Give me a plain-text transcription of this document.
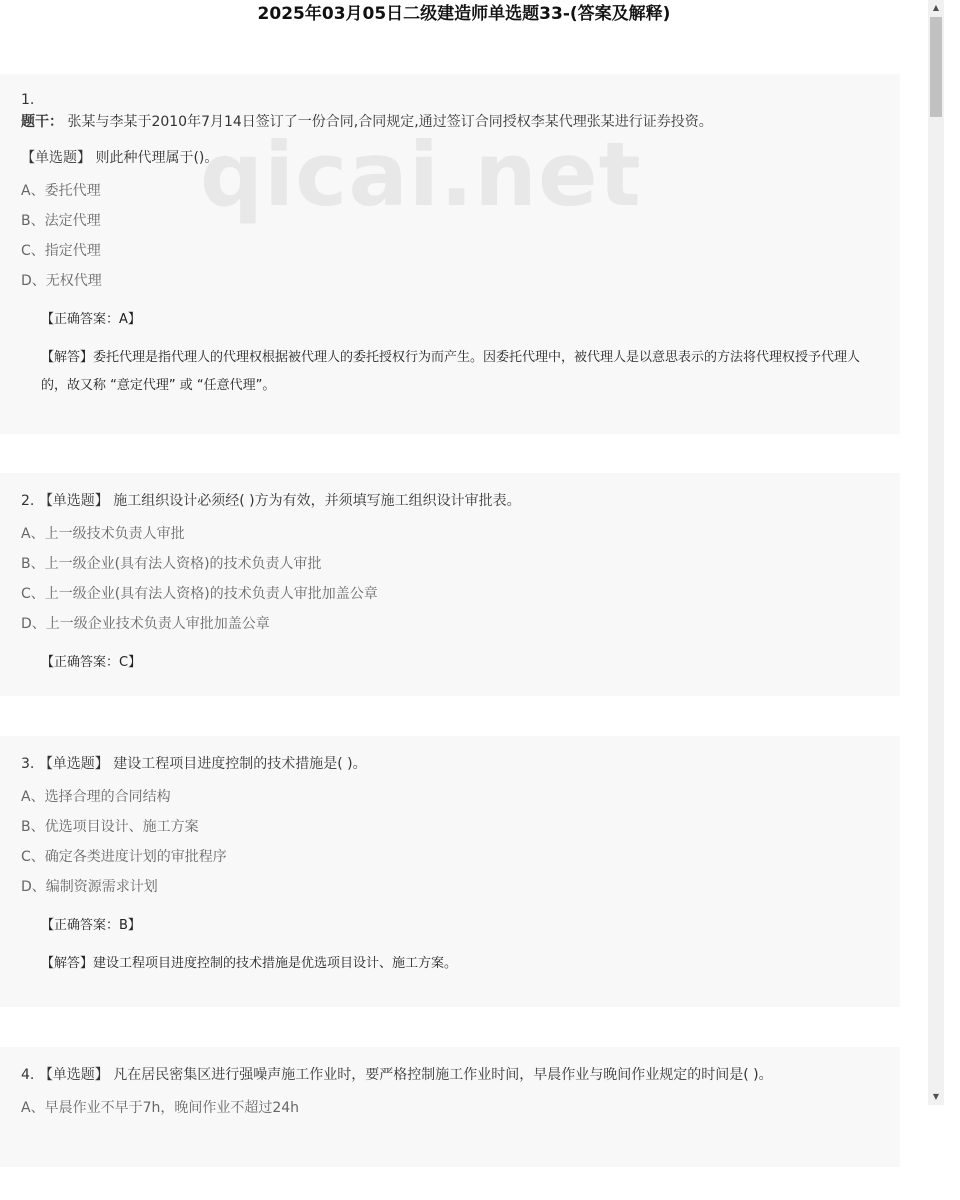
2025年03月05日二级建造师单选题33-(答案及解释)
1.
题干： 张某与李某于2010年7月14日签订了一份合同,合同规定,通过签订合同授权李某代理张某进行证券投资。
【单选题】 则此种代理属于()。
A、委托代理
B、法定代理
C、指定代理
D、无权代理
【正确答案：A】
【解答】委托代理是指代理人的代理权根据被代理人的委托授权行为而产生。因委托代理中，被代理人是以意思表示的方法将代理权授予代理人的，故又称 “意定代理” 或 “任意代理”。
2. 【单选题】 施工组织设计必须经( )方为有效，并须填写施工组织设计审批表。
A、上一级技术负责人审批
B、上一级企业(具有法人资格)的技术负责人审批
C、上一级企业(具有法人资格)的技术负责人审批加盖公章
D、上一级企业技术负责人审批加盖公章
【正确答案：C】
3. 【单选题】 建设工程项目进度控制的技术措施是( )。
A、选择合理的合同结构
B、优选项目设计、施工方案
C、确定各类进度计划的审批程序
D、编制资源需求计划
【正确答案：B】
【解答】建设工程项目进度控制的技术措施是优选项目设计、施工方案。
4. 【单选题】 凡在居民密集区进行强噪声施工作业时，要严格控制施工作业时间，早晨作业与晚间作业规定的时间是( )。
A、早晨作业不早于7h，晚间作业不超过24h
qicai.net
▲
▼
